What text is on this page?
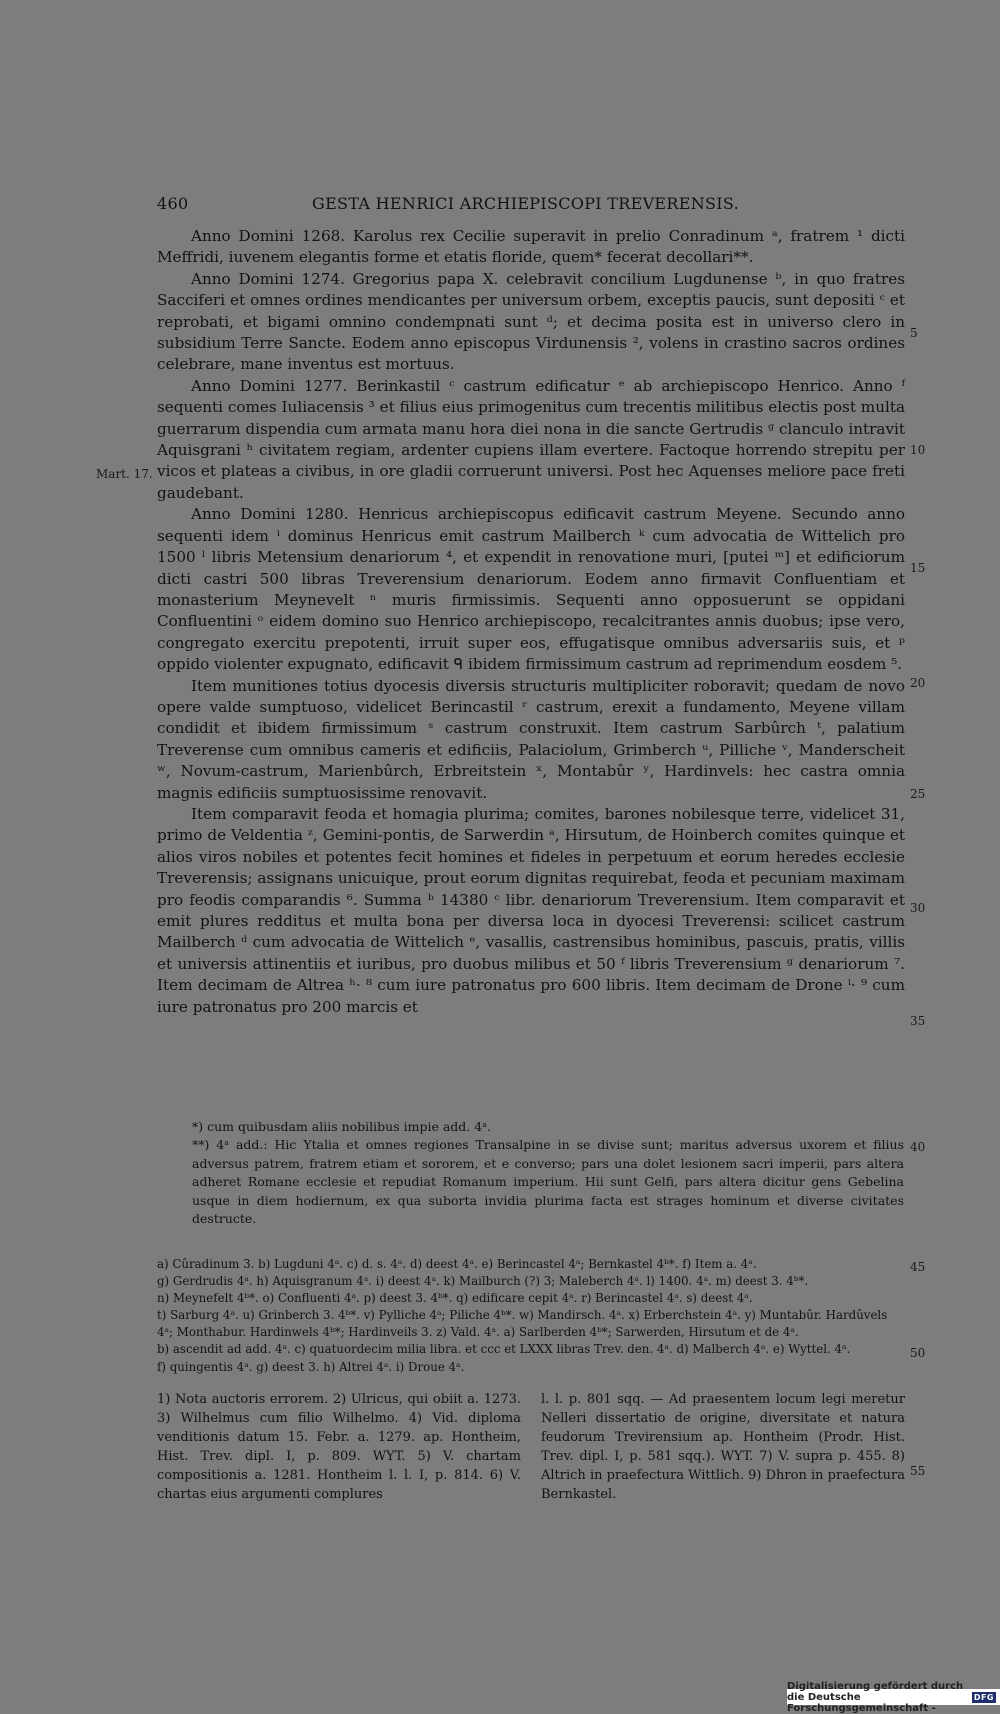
460	GESTA HENRICI ARCHIEPISCOPI TREVERENSIS.

Anno Domini 1268. Karolus rex Cecilie superavit in prelio Conradinum ᵃ, fratrem ¹ dicti Meffridi, iuvenem elegantis forme et etatis floride, quem* fecerat decollari**.

Anno Domini 1274. Gregorius papa X. celebravit concilium Lugdunense ᵇ, in quo fratres Sacciferi et omnes ordines mendicantes per universum orbem, exceptis paucis, sunt depositi ᶜ et reprobati, et bigami omnino condempnati sunt ᵈ; et decima posita est in universo clero in subsidium Terre Sancte. Eodem anno episcopus Virdunensis ², volens in crastino sacros ordines celebrare, mane inventus est mortuus.

Anno Domini 1277. Berinkastil ᶜ castrum edificatur ᵉ ab archiepiscopo Henrico. Anno ᶠ sequenti comes Iuliacensis ³ et filius eius primogenitus cum trecentis militibus electis post multa guerrarum dispendia cum armata manu hora diei nona in die sancte Gertrudis ᵍ clanculo intravit Aquisgrani ʰ civitatem regiam, ardenter cupiens illam evertere. Factoque horrendo strepitu per vicos et plateas a civibus, in ore gladii corruerunt universi. Post hec Aquenses meliore pace freti gaudebant.

Anno Domini 1280. Henricus archiepiscopus edificavit castrum Meyene. Secundo anno sequenti idem ⁱ dominus Henricus emit castrum Mailberch ᵏ cum advocatia de Wittelich pro 1500 ˡ libris Metensium denariorum ⁴, et expendit in renovatione muri, [putei ᵐ] et edificiorum dicti castri 500 libras Treverensium denariorum. Eodem anno firmavit Confluentiam et monasterium Meynevelt ⁿ muris firmissimis. Sequenti anno opposuerunt se oppidani Confluentini ᵒ eidem domino suo Henrico archiepiscopo, recalcitrantes annis duobus; ipse vero, congregato exercitu prepotenti, irruit super eos, effugatisque omnibus adversariis suis, et ᵖ oppido violenter expugnato, edificavit ᑫ ibidem firmissimum castrum ad reprimendum eosdem ⁵.

Item munitiones totius dyocesis diversis structuris multipliciter roboravit; quedam de novo opere valde sumptuoso, videlicet Berincastil ʳ castrum, erexit a fundamento, Meyene villam condidit et ibidem firmissimum ˢ castrum construxit. Item castrum Sarbûrch ᵗ, palatium Treverense cum omnibus cameris et edificiis, Palaciolum, Grimberch ᵘ, Pilliche ᵛ, Manderscheit ʷ, Novum-castrum, Marienbûrch, Erbreitstein ˣ, Montabûr ʸ, Hardinvels: hec castra omnia magnis edificiis sumptuosissime renovavit.

Item comparavit feoda et homagia plurima; comites, barones nobilesque terre, videlicet 31, primo de Veldentia ᶻ, Gemini-pontis, de Sarwerdin ᵃ, Hirsutum, de Hoinberch comites quinque et alios viros nobiles et potentes fecit homines et fideles in perpetuum et eorum heredes ecclesie Treverensis; assignans unicuique, prout eorum dignitas requirebat, feoda et pecuniam maximam pro feodis comparandis ⁶. Summa ᵇ 14380 ᶜ libr. denariorum Treverensium. Item comparavit et emit plures redditus et multa bona per diversa loca in dyocesi Treverensi: scilicet castrum Mailberch ᵈ cum advocatia de Wittelich ᵉ, vasallis, castrensibus hominibus, pascuis, pratis, villis et universis attinentiis et iuribus, pro duobus milibus et 50 ᶠ libris Treverensium ᵍ denariorum ⁷. Item decimam de Altrea ʰ· ⁸ cum iure patronatus pro 600 libris. Item decimam de Drone ⁱ· ⁹ cum iure patronatus pro 200 marcis et

Mart. 17.
5
10
15
20
25
30
35
40
45
50
55

*) cum quibusdam aliis nobilibus impie add. 4ᵃ.

**) 4ᵃ add.: Hic Ytalia et omnes regiones Transalpine in se divise sunt; maritus adversus uxorem et filius adversus patrem, fratrem etiam et sororem, et e converso; pars una dolet lesionem sacri imperii, pars altera adheret Romane ecclesie et repudiat Romanum imperium. Hii sunt Gelfi, pars altera dicitur gens Gebelina usque in diem hodiernum, ex qua suborta invidia plurima facta est strages hominum et diverse civitates destructe.

a) Cûradinum 3. b) Lugduni 4ᵃ. c) d. s. 4ᵃ. d) deest 4ᵃ. e) Berincastel 4ᵃ; Bernkastel 4ᵇ*. f) Item a. 4ᵃ.

g) Gerdrudis 4ᵃ. h) Aquisgranum 4ᵃ. i) deest 4ᵃ. k) Mailburch (?) 3; Maleberch 4ᵃ. l) 1400. 4ᵃ. m) deest 3. 4ᵇ*.

n) Meynefelt 4ᵇ*. o) Confluenti 4ᵃ. p) deest 3. 4ᵇ*. q) edificare cepit 4ᵃ. r) Berincastel 4ᵃ. s) deest 4ᵃ.

t) Sarburg 4ᵃ. u) Grinberch 3. 4ᵇ*. v) Pylliche 4ᵃ; Piliche 4ᵇ*. w) Mandirsch. 4ᵃ. x) Erberchstein 4ᵃ. y) Muntabûr. Hardûvels 4ᵃ; Monthabur. Hardinwels 4ᵇ*; Hardinveils 3. z) Vald. 4ᵃ. a) Sarlberden 4ᵇ*; Sarwerden, Hirsutum et de 4ᵃ.

b) ascendit ad add. 4ᵃ. c) quatuordecim milia libra. et ccc et LXXX libras Trev. den. 4ᵃ. d) Malberch 4ᵃ. e) Wyttel. 4ᵃ.

f) quingentis 4ᵃ. g) deest 3. h) Altrei 4ᵃ. i) Droue 4ᵃ.

1) Nota auctoris errorem. 2) Ulricus, qui obiit a. 1273. 3) Wilhelmus cum filio Wilhelmo. 4) Vid. diploma venditionis datum 15. Febr. a. 1279. ap. Hontheim, Hist. Trev. dipl. I, p. 809. WYT. 5) V. chartam compositionis a. 1281. Hontheim l. l. I, p. 814. 6) V. chartas eius argumenti complures

l. l. p. 801 sqq. — Ad praesentem locum legi meretur Nelleri dissertatio de origine, diversitate et natura feudorum Trevirensium ap. Hontheim (Prodr. Hist. Trev. dipl. I, p. 581 sqq.). WYT. 7) V. supra p. 455. 8) Altrich in praefectura Wittlich. 9) Dhron in praefectura Bernkastel.

Digitalisierung gefördert durch die Deutsche Forschungsgemeinschaft -
DFG
